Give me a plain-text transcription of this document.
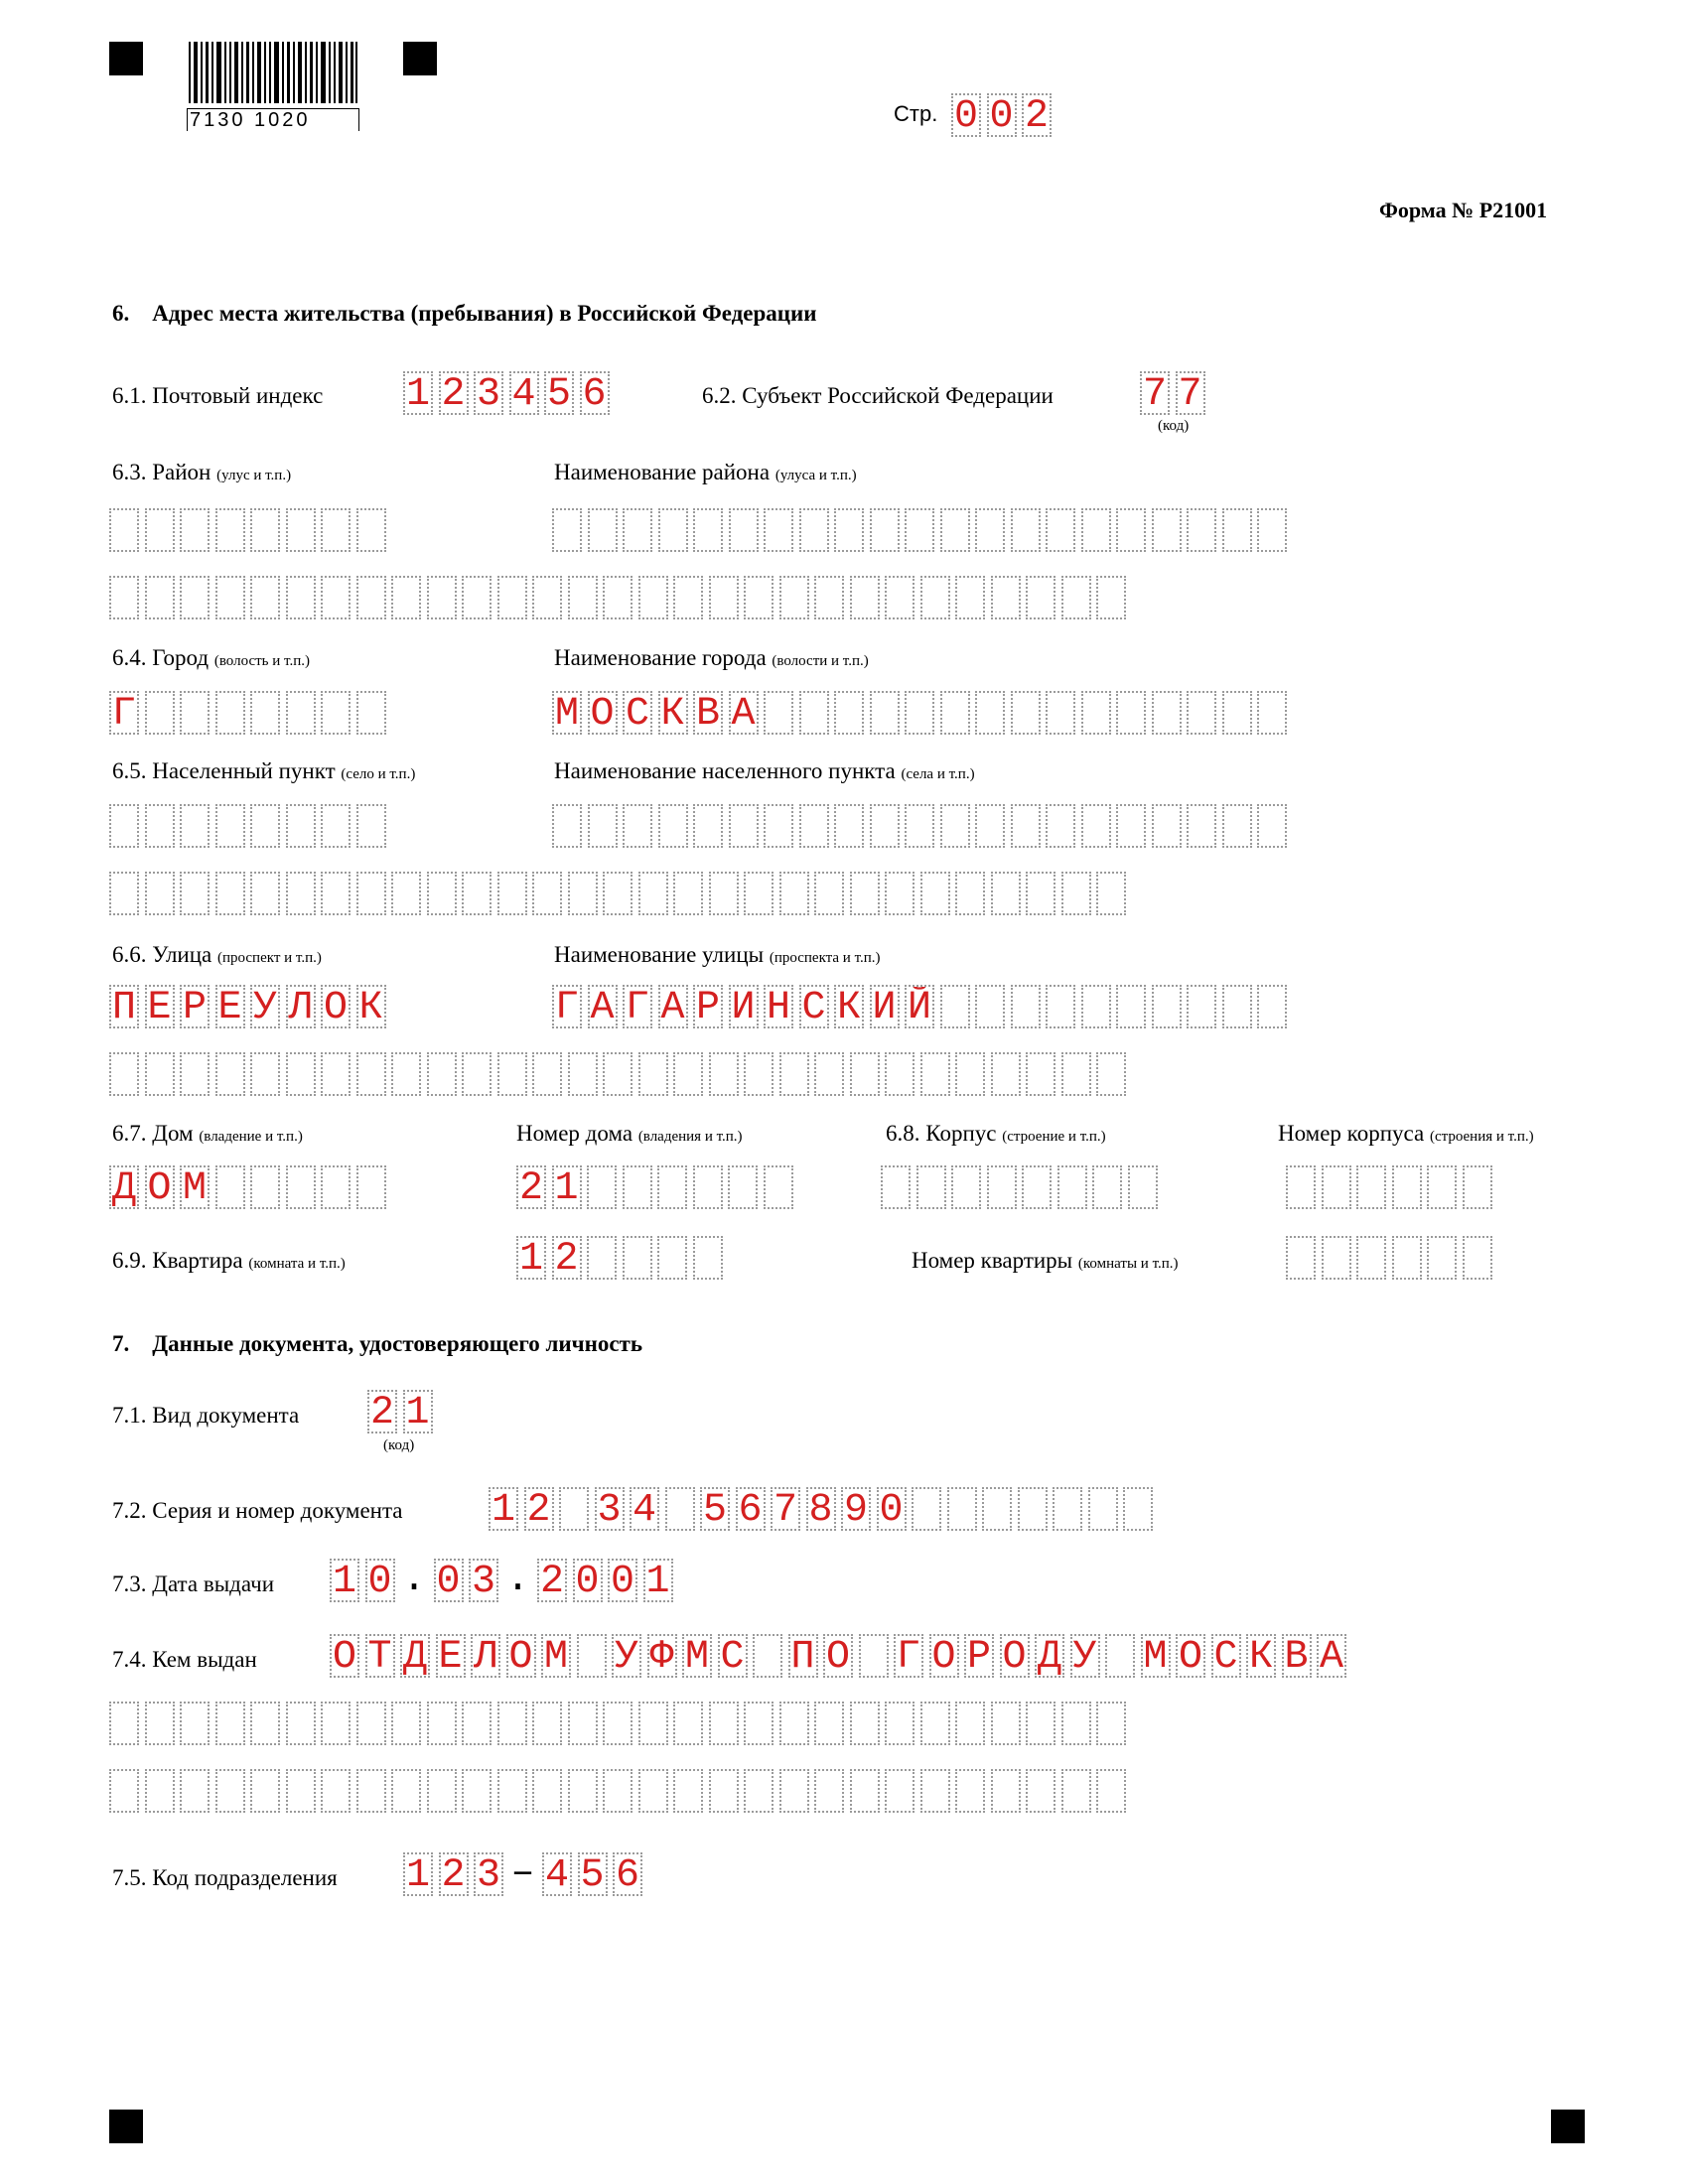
7130 1020	Стр. 0 0 2
Форма № Р21001
6.    Адрес места жительства (пребывания) в Российской Федерации
6.1. Почтовый индекс 1 2 3 4 5 6	6.2. Субъект Российской Федерации 7 7
(код)
6.3. Район (улус и т.п.)	Наименование района (улуса и т.п.)
6.4. Город (волость и т.п.)	Наименование города (волости и т.п.)
Г	М О С К В А
6.5. Населенный пункт (село и т.п.)	Наименование населенного пункта (села и т.п.)
6.6. Улица (проспект и т.п.)	Наименование улицы (проспекта и т.п.)
П Е Р Е У Л О К	Г А Г А Р И Н С К И Й
6.7. Дом (владение и т.п.)	Номер дома (владения и т.п.)	6.8. Корпус (строение и т.п.)	Номер корпуса (строения и т.п.)
Д О М	2 1
6.9. Квартира (комната и т.п.)	1 2	Номер квартиры (комнаты и т.п.)
7.    Данные документа, удостоверяющего личность
7.1. Вид документа 2 1
(код)
7.2. Серия и номер документа 1 2 3 4 5 6 7 8 9 0
7.3. Дата выдачи 1 0 . 0 3 . 2 0 0 1
7.4. Кем выдан О Т Д Е Л О М У Ф М С П О Г О Р О Д У М О С К В А
7.5. Код подразделения 1 2 3 – 4 5 6
